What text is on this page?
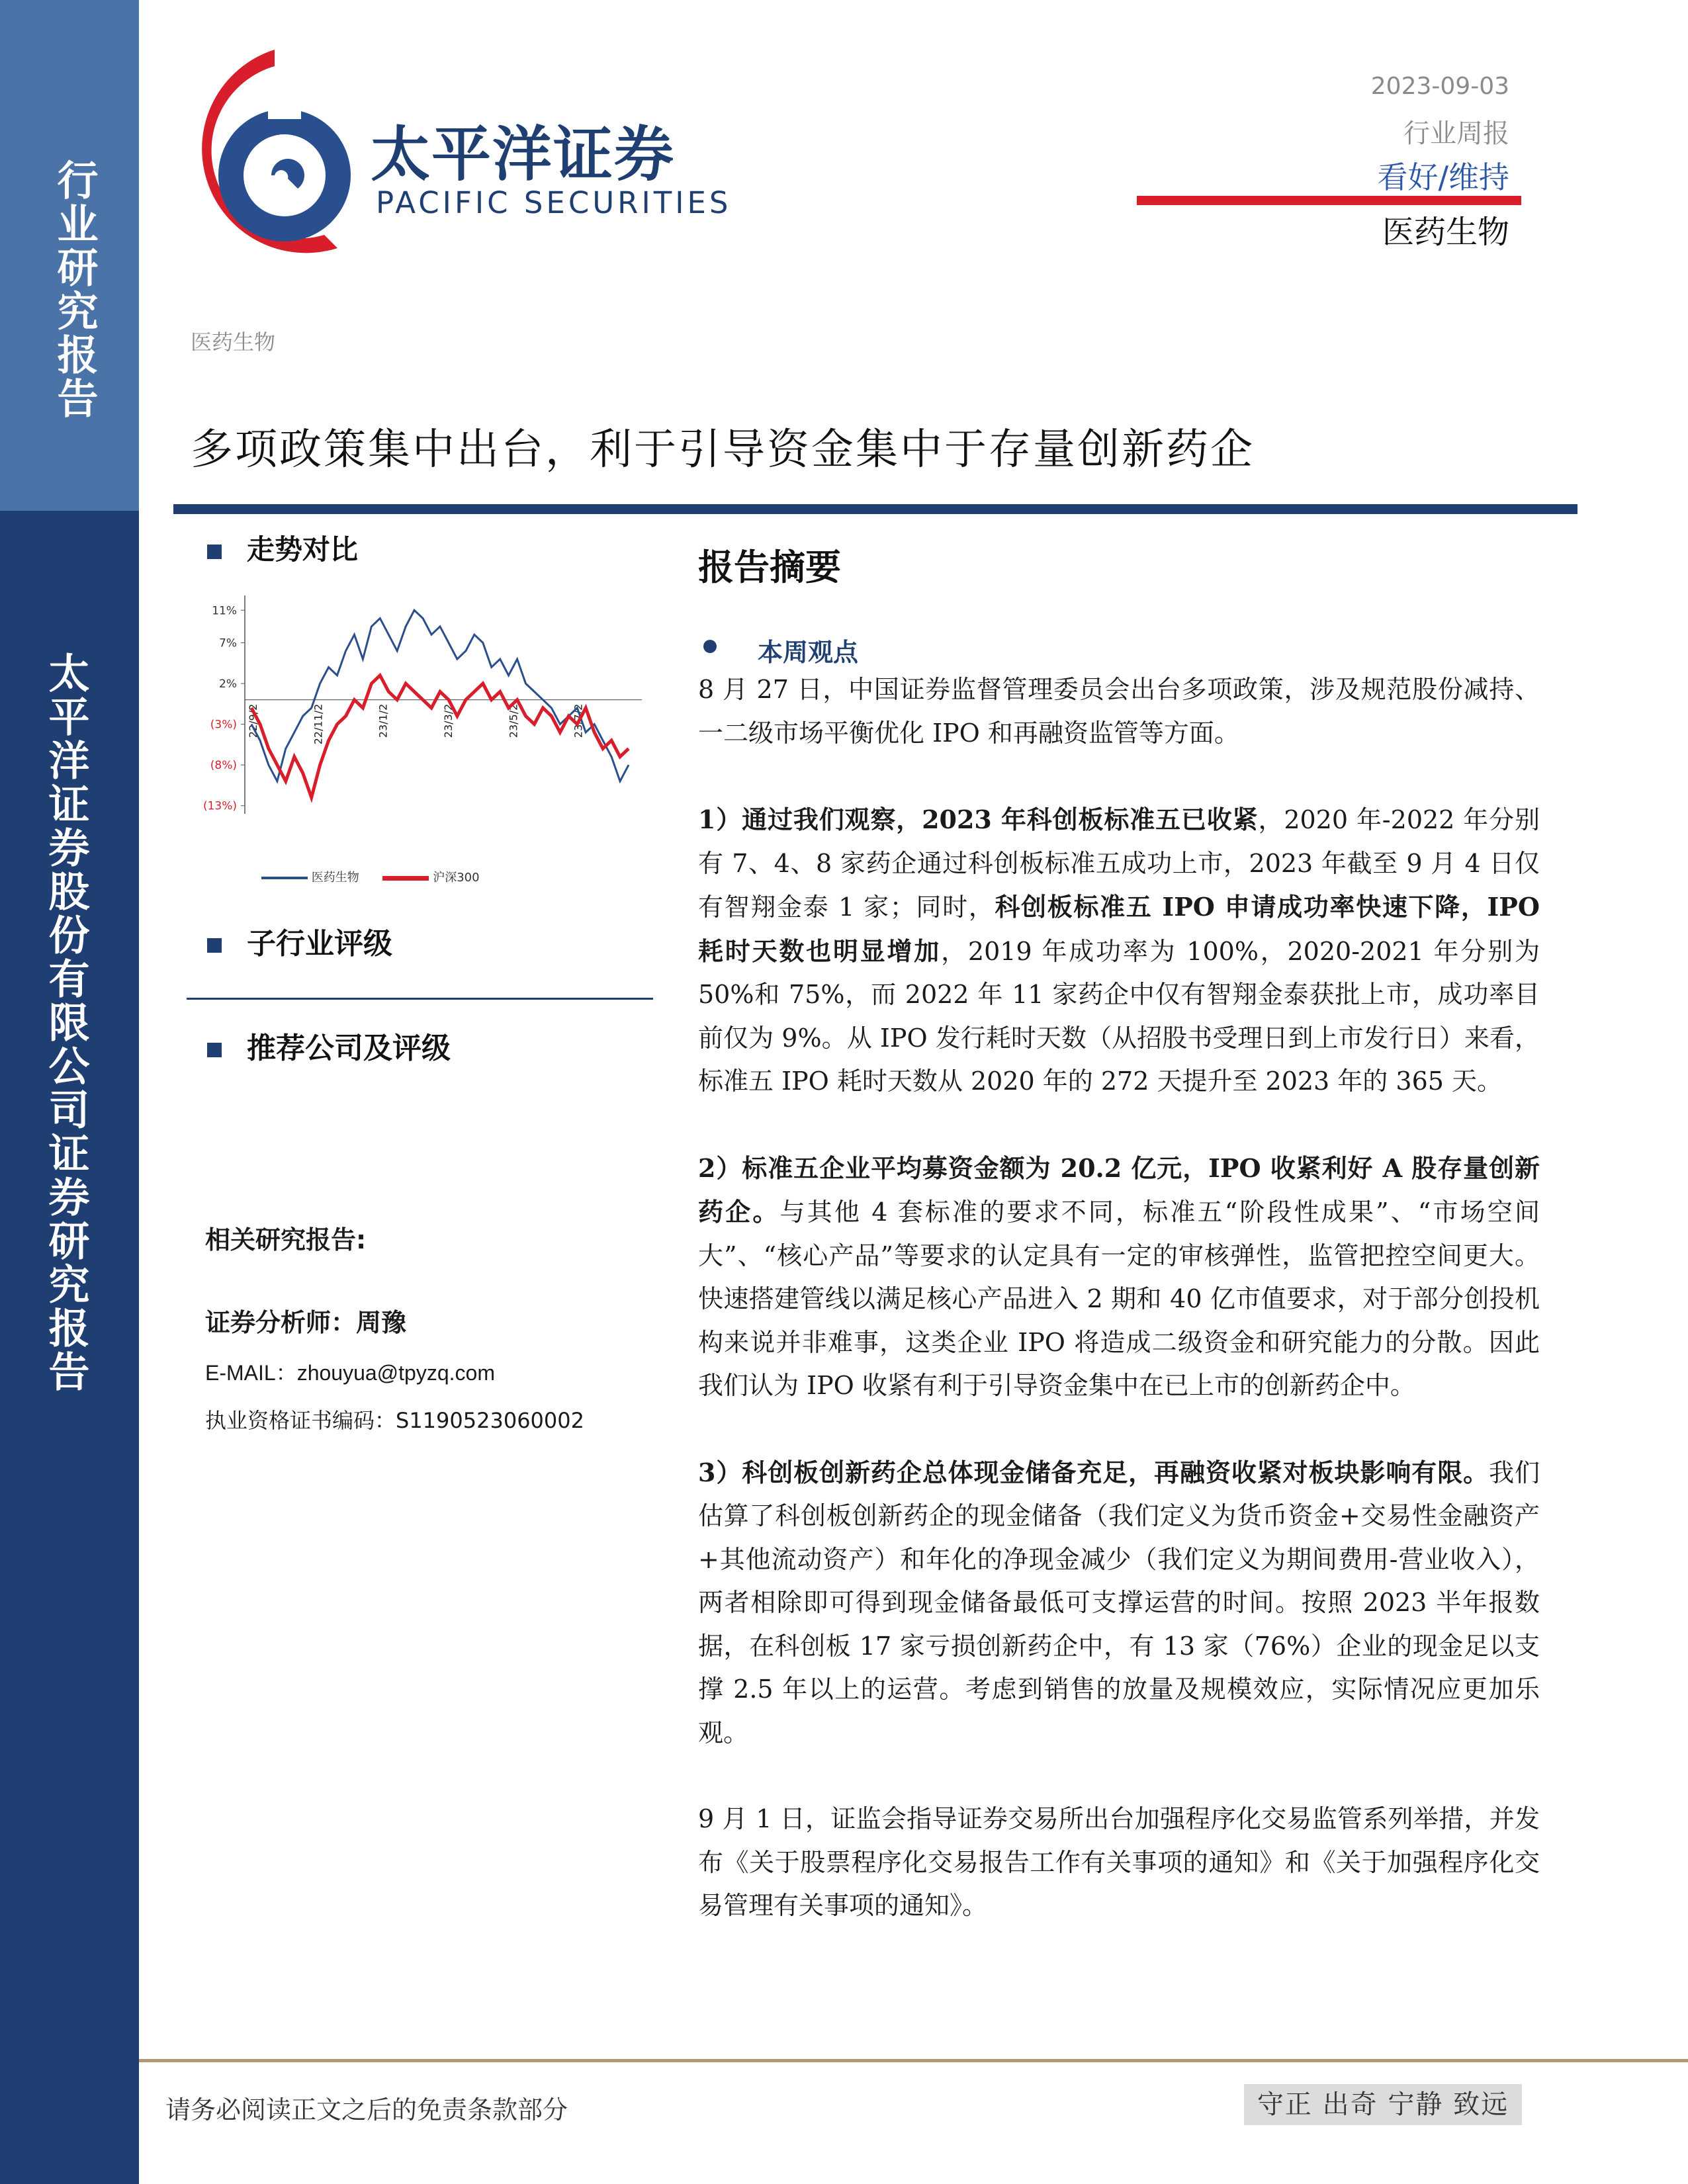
行业研究报告
太平洋证券股份有限公司证券研究报告
太平洋证券
PACIFIC SECURITIES
2023-09-03
行业周报
看好/维持
医药生物
医药生物
多项政策集中出台，利于引导资金集中于存量创新药企
走势对比
11%
7%
2%
(3%)
(8%)
(13%)
22/9/2	22/11/2	23/1/2	23/3/2	23/5/2	23/7/2
医药生物	沪深300
子行业评级
推荐公司及评级
相关研究报告:
证券分析师：周豫
E-MAIL：zhouyua@tpyzq.com
执业资格证书编码：S1190523060002
报告摘要
本周观点

8 月 27 日，中国证券监督管理委员会出台多项政策，涉及规范股份减持、一二级市场平衡优化 IPO 和再融资监管等方面。

1）通过我们观察，2023 年科创板标准五已收紧，2020 年-2022 年分别有 7、4、8 家药企通过科创板标准五成功上市，2023 年截至 9 月 4 日仅有智翔金泰 1 家；同时，科创板标准五 IPO 申请成功率快速下降，IPO 耗时天数也明显增加，2019 年成功率为 100%，2020-2021 年分别为 50%和 75%，而 2022 年 11 家药企中仅有智翔金泰获批上市，成功率目前仅为 9%。从 IPO 发行耗时天数（从招股书受理日到上市发行日）来看，标准五 IPO 耗时天数从 2020 年的 272 天提升至 2023 年的 365 天。

2）标准五企业平均募资金额为 20.2 亿元，IPO 收紧利好 A 股存量创新药企。与其他 4 套标准的要求不同，标准五“阶段性成果”、“市场空间大”、“核心产品”等要求的认定具有一定的审核弹性，监管把控空间更大。快速搭建管线以满足核心产品进入 2 期和 40 亿市值要求，对于部分创投机构来说并非难事，这类企业 IPO 将造成二级资金和研究能力的分散。因此我们认为 IPO 收紧有利于引导资金集中在已上市的创新药企中。

3）科创板创新药企总体现金储备充足，再融资收紧对板块影响有限。我们估算了科创板创新药企的现金储备（我们定义为货币资金+交易性金融资产+其他流动资产）和年化的净现金减少（我们定义为期间费用-营业收入），两者相除即可得到现金储备最低可支撑运营的时间。按照 2023 半年报数据，在科创板 17 家亏损创新药企中，有 13 家（76%）企业的现金足以支撑 2.5 年以上的运营。考虑到销售的放量及规模效应，实际情况应更加乐观。

9 月 1 日，证监会指导证券交易所出台加强程序化交易监管系列举措，并发布《关于股票程序化交易报告工作有关事项的通知》和《关于加强程序化交易管理有关事项的通知》。

请务必阅读正文之后的免责条款部分	守正 出奇 宁静 致远
